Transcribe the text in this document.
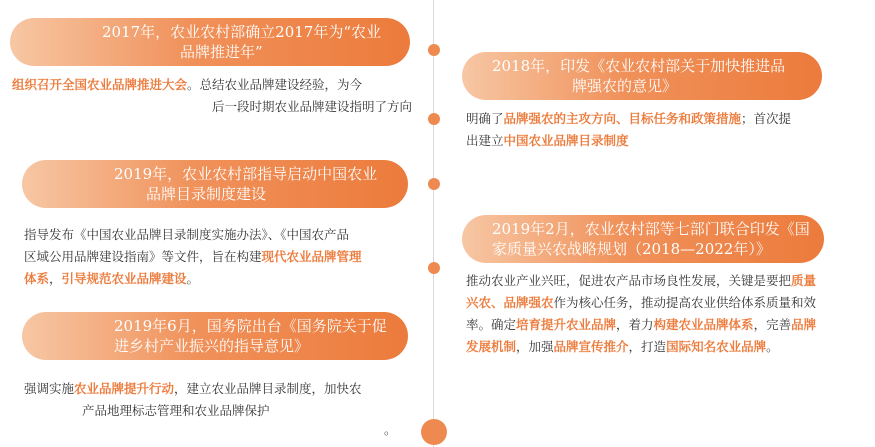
2017年，农业农村部确立2017年为“农业
品牌推进年”
组织召开全国农业品牌推进大会。总结农业品牌建设经验，为今
后一段时期农业品牌建设指明了方向
2018年，印发《农业农村部关于加快推进品
牌强农的意见》
明确了品牌强农的主攻方向、目标任务和政策措施；首次提
出建立中国农业品牌目录制度
2019年，农业农村部指导启动中国农业
品牌目录制度建设
指导发布《中国农业品牌目录制度实施办法》、《中国农产品
区域公用品牌建设指南》等文件，旨在构建现代农业品牌管理
体系，引导规范农业品牌建设。
2019年2月，农业农村部等七部门联合印发《国
家质量兴农战略规划（2018—2022年）》
推动农业产业兴旺，促进农产品市场良性发展，关键是要把质量
兴农、品牌强农作为核心任务，推动提高农业供给体系质量和效
率。确定培育提升农业品牌，着力构建农业品牌体系，完善品牌
发展机制，加强品牌宣传推介，打造国际知名农业品牌。
2019年6月，国务院出台《国务院关于促
进乡村产业振兴的指导意见》
强调实施农业品牌提升行动，建立农业品牌目录制度，加快农
产品地理标志管理和农业品牌保护
。
